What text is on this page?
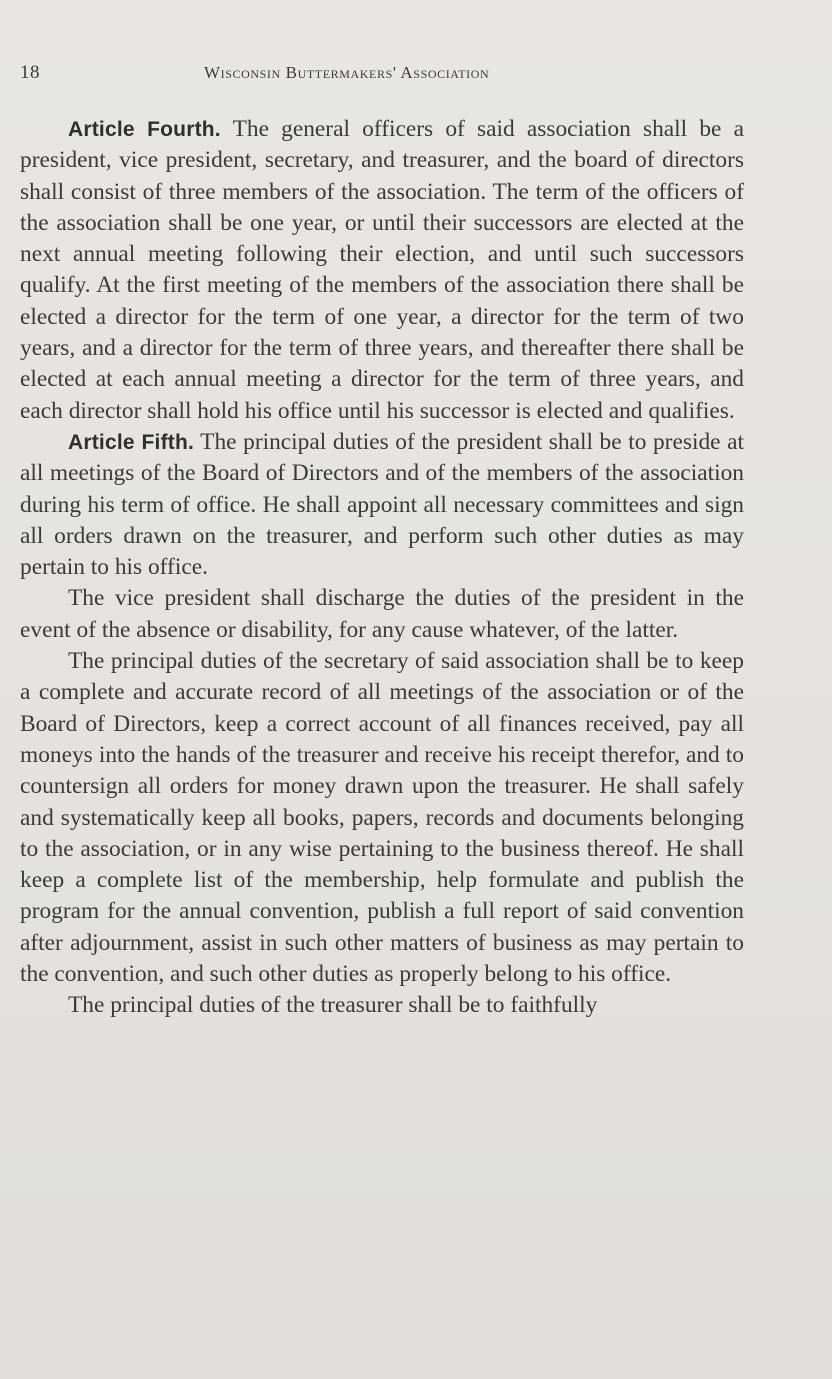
18	Wisconsin Buttermakers' Association

Article Fourth. The general officers of said association shall be a president, vice president, secretary, and treasurer, and the board of directors shall consist of three members of the association. The term of the officers of the association shall be one year, or until their successors are elected at the next annual meeting following their election, and until such successors qualify. At the first meeting of the members of the association there shall be elected a director for the term of one year, a director for the term of two years, and a director for the term of three years, and thereafter there shall be elected at each annual meeting a director for the term of three years, and each director shall hold his office until his successor is elected and qualifies.

Article Fifth. The principal duties of the president shall be to preside at all meetings of the Board of Directors and of the members of the association during his term of office. He shall appoint all necessary committees and sign all orders drawn on the treasurer, and perform such other duties as may pertain to his office.

The vice president shall discharge the duties of the president in the event of the absence or disability, for any cause whatever, of the latter.

The principal duties of the secretary of said association shall be to keep a complete and accurate record of all meetings of the association or of the Board of Directors, keep a correct account of all finances received, pay all moneys into the hands of the treasurer and receive his receipt therefor, and to countersign all orders for money drawn upon the treasurer. He shall safely and systematically keep all books, papers, records and documents belonging to the association, or in any wise pertaining to the business thereof. He shall keep a complete list of the membership, help formulate and publish the program for the annual convention, publish a full report of said convention after adjournment, assist in such other matters of business as may pertain to the convention, and such other duties as properly belong to his office.

The principal duties of the treasurer shall be to faithfully
